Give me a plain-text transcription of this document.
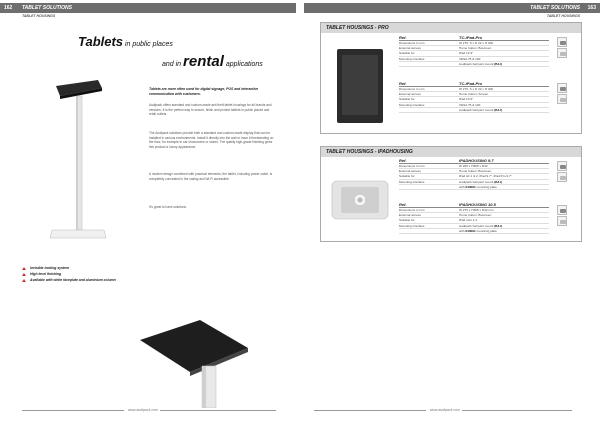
162 TABLET SOLUTIONS
TABLET HOUSINGS
Tablets in public places
and in rental applications
Tablets are more often used for digital signage, POS and interactive communication with customers.
Audipack offers standard and custom-made anti theft tablet housings for all brands and versions. It is the perfect way to secure, finish and protect tablets in public places and retail outlets.
The Audipack solutions provide both a standard and custom-made display that can be installed in various environments. Install it directly into the wall or have it freestanding on the floor, for example in car showrooms or stores. The quality high-grade finishing gives this product a luxury appearance.
A modern design combined with practical elements; the tablet, including power cable, is completely concealed in the casing and Wi-Fi accessible.
It's great to have solutions.
Invisible locking system
High level finishing
Available with white faceplate and aluminium column
www.audipack.com
TABLET SOLUTIONS 163
TABLET HOUSINGS
TABLET HOUSINGS - PRO
Ref.	TC-iPad-Pro
Dimensions in mm	W 276, S x D 22 x H 400
External access	Home button: Bsscreen
Suitable for	iPad 12.9"
Mounting interface	VESA 75 & 100
Audipack ball joint mount (BJ-I)
Ref.	TC-iPad-Pro
Dimensions in mm	W 276, S x D 22 x H 400
External access	Home button: Screen
Suitable for	iPad 10.5"
Mounting interface	VESA 75 & 100
Audipack ball joint mount (BJ-I)
TABLET HOUSINGS - IPADHOUSING
Ref.	IPADHOUSING 9.7
Dimensions in mm	W 205 x H305 x D32
External access	Home button: Bsscreen
Suitable for	iPad Air 1 & 2, iPad 9.7", iPad Pro 9.7"
Mounting interface	Audipack ball joint mount (BJ-I)
with 643091 mounting plate
Ref.	IPADHOUSING 10.5
Dimensions in mm	W 275 x H305 x D32 mm
External access	Home button: Bsscreen
Suitable for	iPad mini 1-4
Mounting interface	Audipack ball joint mount (BJ-I)
with 643091 mounting plate
www.audipack.com
